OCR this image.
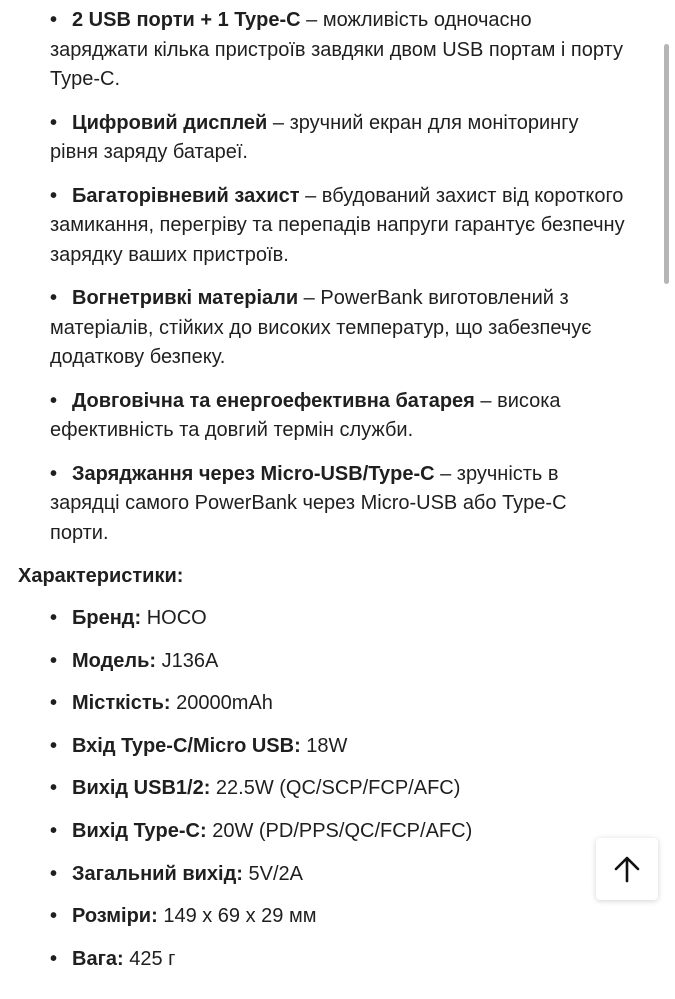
• 2 USB порти + 1 Type-C – можливість одночасно заряджати кілька пристроїв завдяки двом USB портам і порту Type-C.
• Цифровий дисплей – зручний екран для моніторингу рівня заряду батареї.
• Багаторівневий захист – вбудований захист від короткого замикання, перегріву та перепадів напруги гарантує безпечну зарядку ваших пристроїв.
• Вогнетривкі матеріали – PowerBank виготовлений з матеріалів, стійких до високих температур, що забезпечує додаткову безпеку.
• Довговічна та енергоефективна батарея – висока ефективність та довгий термін служби.
• Заряджання через Micro-USB/Type-C – зручність в зарядці самого PowerBank через Micro-USB або Type-C порти.
Характеристики:
• Бренд: HOCO
• Модель: J136A
• Місткість: 20000mAh
• Вхід Type-C/Micro USB: 18W
• Вихід USB1/2: 22.5W (QC/SCP/FCP/AFC)
• Вихід Type-C: 20W (PD/PPS/QC/FCP/AFC)
• Загальний вихід: 5V/2A
• Розміри: 149 x 69 x 29 мм
• Вага: 425 г
